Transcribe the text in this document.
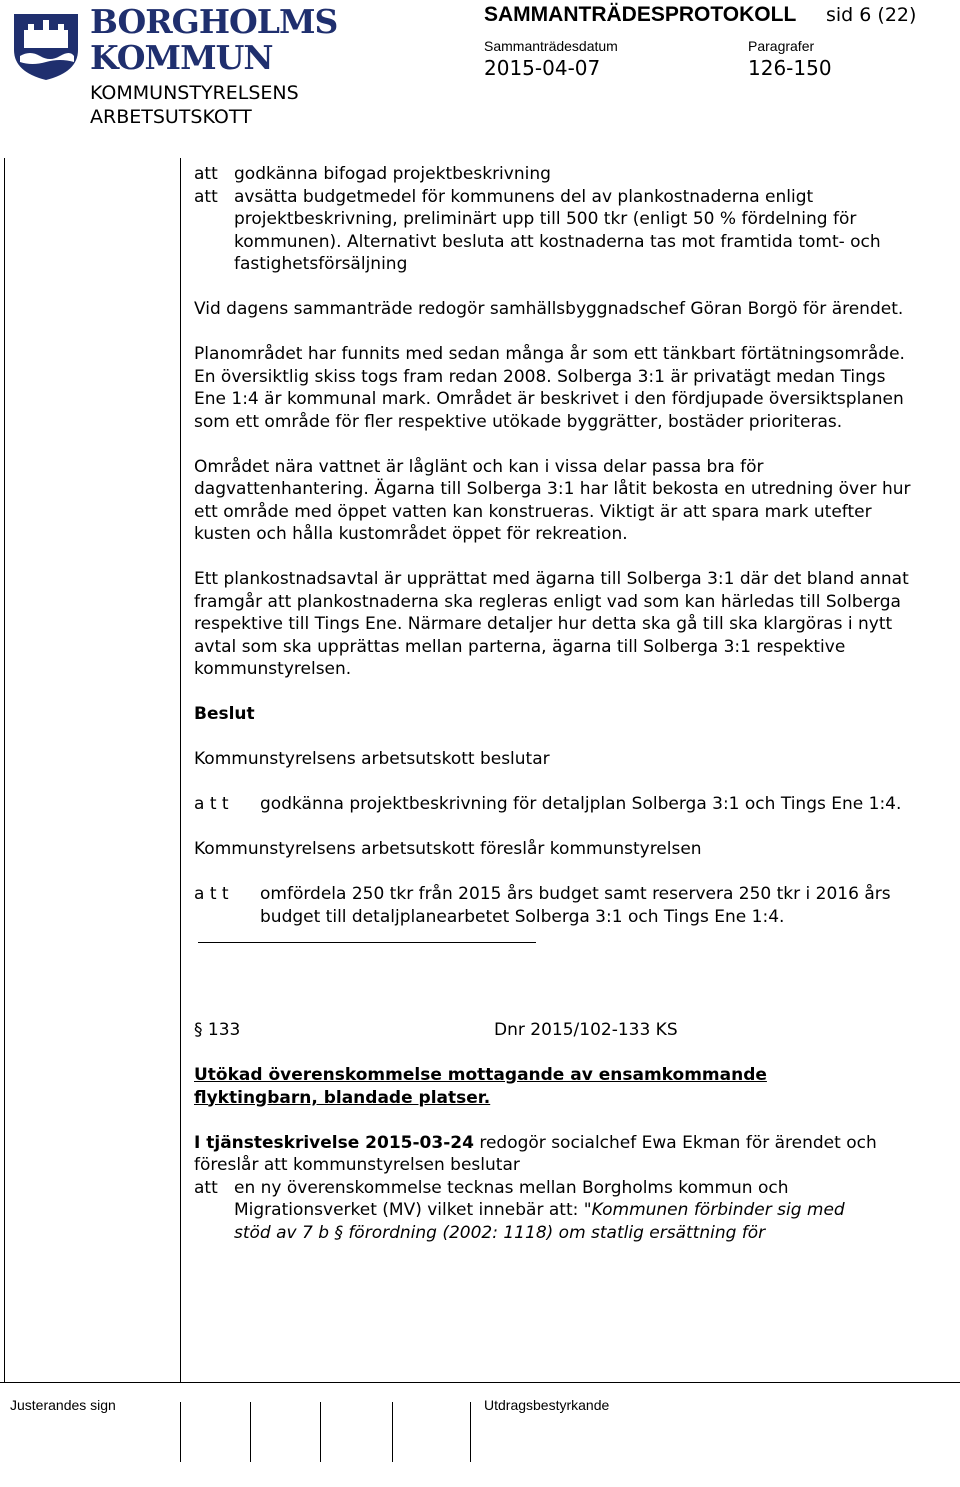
BORGHOLMS
KOMMUN
KOMMUNSTYRELSENS
ARBETSUTSKOTT
SAMMANTRÄDESPROTOKOLL sid 6 (22)
Sammanträdesdatum	Paragrafer
2015-04-07	126-150
att godkänna bifogad projektbeskrivning
att avsätta budgetmedel för kommunens del av plankostnaderna enligt projektbeskrivning, preliminärt upp till 500 tkr (enligt 50 % fördelning för kommunen). Alternativt besluta att kostnaderna tas mot framtida tomt- och fastighetsförsäljning

Vid dagens sammanträde redogör samhällsbyggnadschef Göran Borgö för ärendet.

Planområdet har funnits med sedan många år som ett tänkbart förtätningsområde. En översiktlig skiss togs fram redan 2008. Solberga 3:1 är privatägt medan Tings Ene 1:4 är kommunal mark. Området är beskrivet i den fördjupade översiktsplanen som ett område för fler respektive utökade byggrätter, bostäder prioriteras.

Området nära vattnet är låglänt och kan i vissa delar passa bra för dagvattenhantering. Ägarna till Solberga 3:1 har låtit bekosta en utredning över hur ett område med öppet vatten kan konstrueras. Viktigt är att spara mark utefter kusten och hålla kustområdet öppet för rekreation.

Ett plankostnadsavtal är upprättat med ägarna till Solberga 3:1 där det bland annat framgår att plankostnaderna ska regleras enligt vad som kan härledas till Solberga respektive till Tings Ene. Närmare detaljer hur detta ska gå till ska klargöras i nytt avtal som ska upprättas mellan parterna, ägarna till Solberga 3:1 respektive kommunstyrelsen.

Beslut

Kommunstyrelsens arbetsutskott beslutar

a t t	godkänna projektbeskrivning för detaljplan Solberga 3:1 och Tings Ene 1:4.

Kommunstyrelsens arbetsutskott föreslår kommunstyrelsen

a t t	omfördela 250 tkr från 2015 års budget samt reservera 250 tkr i 2016 års budget till detaljplanearbetet Solberga 3:1 och Tings Ene 1:4.
§ 133	Dnr 2015/102-133 KS

Utökad överenskommelse mottagande av ensamkommande flyktingbarn, blandade platser.

I tjänsteskrivelse 2015-03-24 redogör socialchef Ewa Ekman för ärendet och föreslår att kommunstyrelsen beslutar

att en ny överenskommelse tecknas mellan Borgholms kommun och Migrationsverket (MV) vilket innebär att: "Kommunen förbinder sig med stöd av 7 b § förordning (2002: 1118) om statlig ersättning för
Justerandes sign	Utdragsbestyrkande
